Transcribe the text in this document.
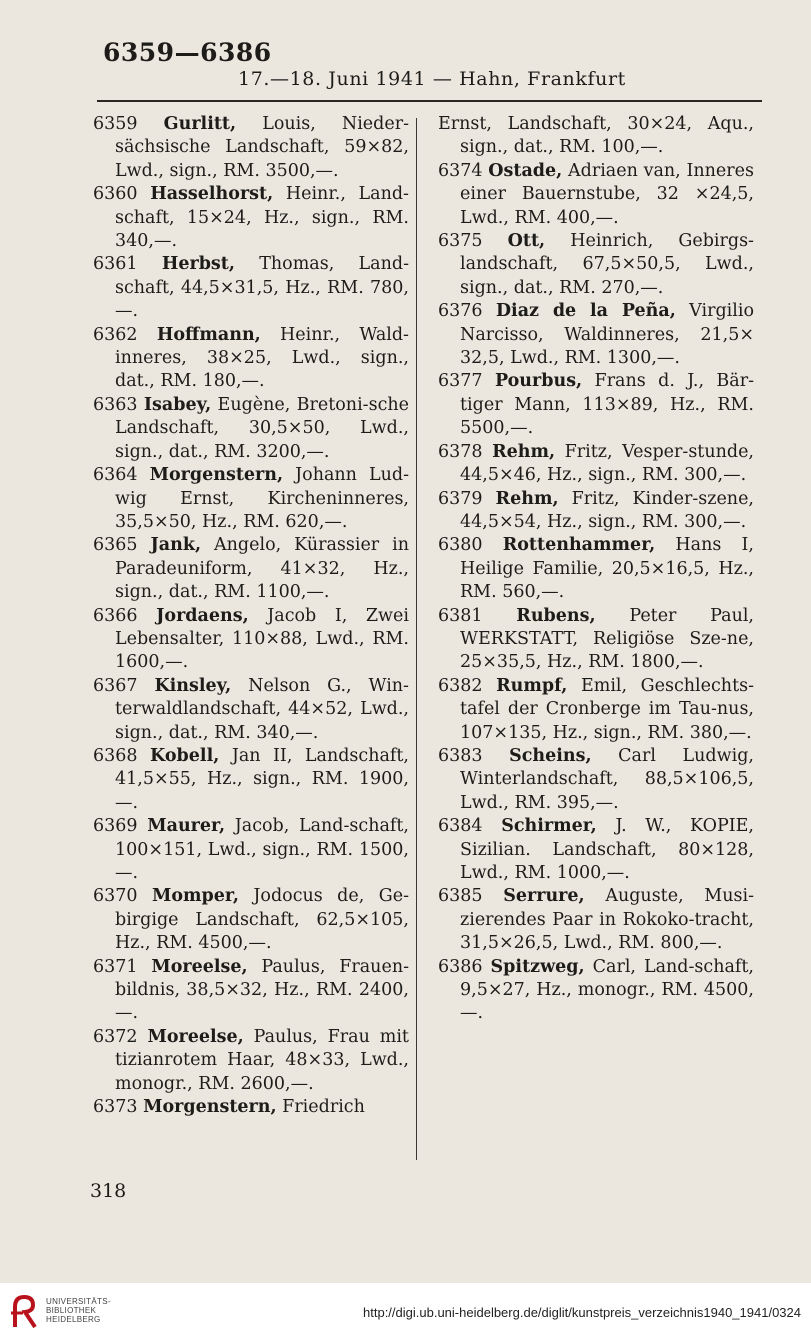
6359—6386
17.—18. Juni 1941 — Hahn, Frankfurt
6359 Gurlitt, Louis, Nieder-sächsische Landschaft, 59×82, Lwd., sign., RM. 3500,—.
6360 Hasselhorst, Heinr., Land-schaft, 15×24, Hz., sign., RM. 340,—.
6361 Herbst, Thomas, Land-schaft, 44,5×31,5, Hz., RM. 780,—.
6362 Hoffmann, Heinr., Wald-inneres, 38×25, Lwd., sign., dat., RM. 180,—.
6363 Isabey, Eugène, Bretoni-sche Landschaft, 30,5×50, Lwd., sign., dat., RM. 3200,—.
6364 Morgenstern, Johann Lud-wig Ernst, Kircheninneres, 35,5×50, Hz., RM. 620,—.
6365 Jank, Angelo, Kürassier in Paradeuniform, 41×32, Hz., sign., dat., RM. 1100,—.
6366 Jordaens, Jacob I, Zwei Lebensalter, 110×88, Lwd., RM. 1600,—.
6367 Kinsley, Nelson G., Win-terwaldlandschaft, 44×52, Lwd., sign., dat., RM. 340,—.
6368 Kobell, Jan II, Landschaft, 41,5×55, Hz., sign., RM. 1900,—.
6369 Maurer, Jacob, Land-schaft, 100×151, Lwd., sign., RM. 1500,—.
6370 Momper, Jodocus de, Ge-birgige Landschaft, 62,5×105, Hz., RM. 4500,—.
6371 Moreelse, Paulus, Frauen-bildnis, 38,5×32, Hz., RM. 2400,—.
6372 Moreelse, Paulus, Frau mit tizianrotem Haar, 48×33, Lwd., monogr., RM. 2600,—.
6373 Morgenstern, Friedrich
Ernst, Landschaft, 30×24, Aqu., sign., dat., RM. 100,—.
6374 Ostade, Adriaen van, Inneres einer Bauernstube, 32 ×24,5, Lwd., RM. 400,—.
6375 Ott, Heinrich, Gebirgs-landschaft, 67,5×50,5, Lwd., sign., dat., RM. 270,—.
6376 Diaz de la Peña, Virgilio Narcisso, Waldinneres, 21,5× 32,5, Lwd., RM. 1300,—.
6377 Pourbus, Frans d. J., Bär-tiger Mann, 113×89, Hz., RM. 5500,—.
6378 Rehm, Fritz, Vesper-stunde, 44,5×46, Hz., sign., RM. 300,—.
6379 Rehm, Fritz, Kinder-szene, 44,5×54, Hz., sign., RM. 300,—.
6380 Rottenhammer, Hans I, Heilige Familie, 20,5×16,5, Hz., RM. 560,—.
6381 Rubens, Peter Paul, WERKSTATT, Religiöse Sze-ne, 25×35,5, Hz., RM. 1800,—.
6382 Rumpf, Emil, Geschlechts-tafel der Cronberge im Tau-nus, 107×135, Hz., sign., RM. 380,—.
6383 Scheins, Carl Ludwig, Winterlandschaft, 88,5×106,5, Lwd., RM. 395,—.
6384 Schirmer, J. W., KOPIE, Sizilian. Landschaft, 80×128, Lwd., RM. 1000,—.
6385 Serrure, Auguste, Musi-zierendes Paar in Rokoko-tracht, 31,5×26,5, Lwd., RM. 800,—.
6386 Spitzweg, Carl, Land-schaft, 9,5×27, Hz., monogr., RM. 4500,—.
318
UNIVERSITÄTS-
BIBLIOTHEK
HEIDELBERG	http://digi.ub.uni-heidelberg.de/diglit/kunstpreis_verzeichnis1940_1941/0324
